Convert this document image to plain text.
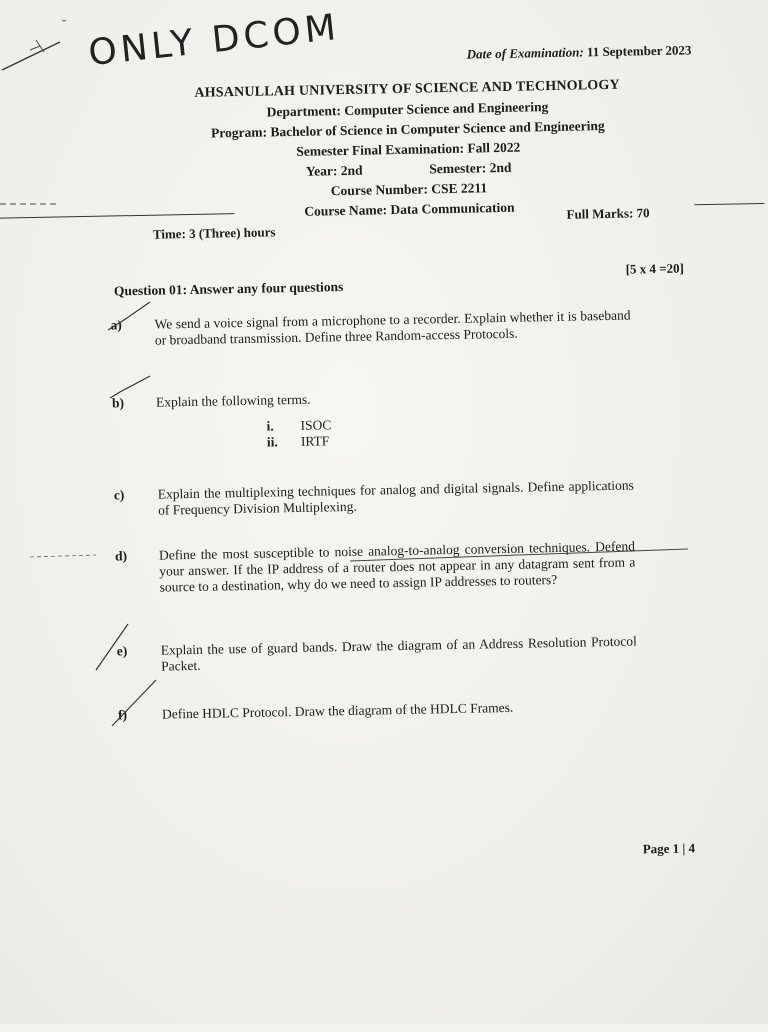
ONLY DCOM	Date of Examination: 11 September 2023
AHSANULLAH UNIVERSITY OF SCIENCE AND TECHNOLOGY
Department: Computer Science and Engineering
Program: Bachelor of Science in Computer Science and Engineering
Semester Final Examination: Fall 2022
Year: 2nd	Semester: 2nd
Course Number: CSE 2211
Course Name: Data Communication
Time: 3 (Three) hours
Full Marks: 70
Question 01: Answer any four questions
[5 x 4 =20]
a)	We send a voice signal from a microphone to a recorder. Explain whether it is baseband or broadband transmission. Define three Random-access Protocols.
b)	Explain the following terms.
i.	ISOC
ii.	IRTF
c)	Explain the multiplexing techniques for analog and digital signals. Define applications of Frequency Division Multiplexing.
d)	Define the most susceptible to noise analog-to-analog conversion techniques. Defend your answer. If the IP address of a router does not appear in any datagram sent from a source to a destination, why do we need to assign IP addresses to routers?
e)	Explain the use of guard bands. Draw the diagram of an Address Resolution Protocol Packet.
f)	Define HDLC Protocol. Draw the diagram of the HDLC Frames.
Page 1 | 4
